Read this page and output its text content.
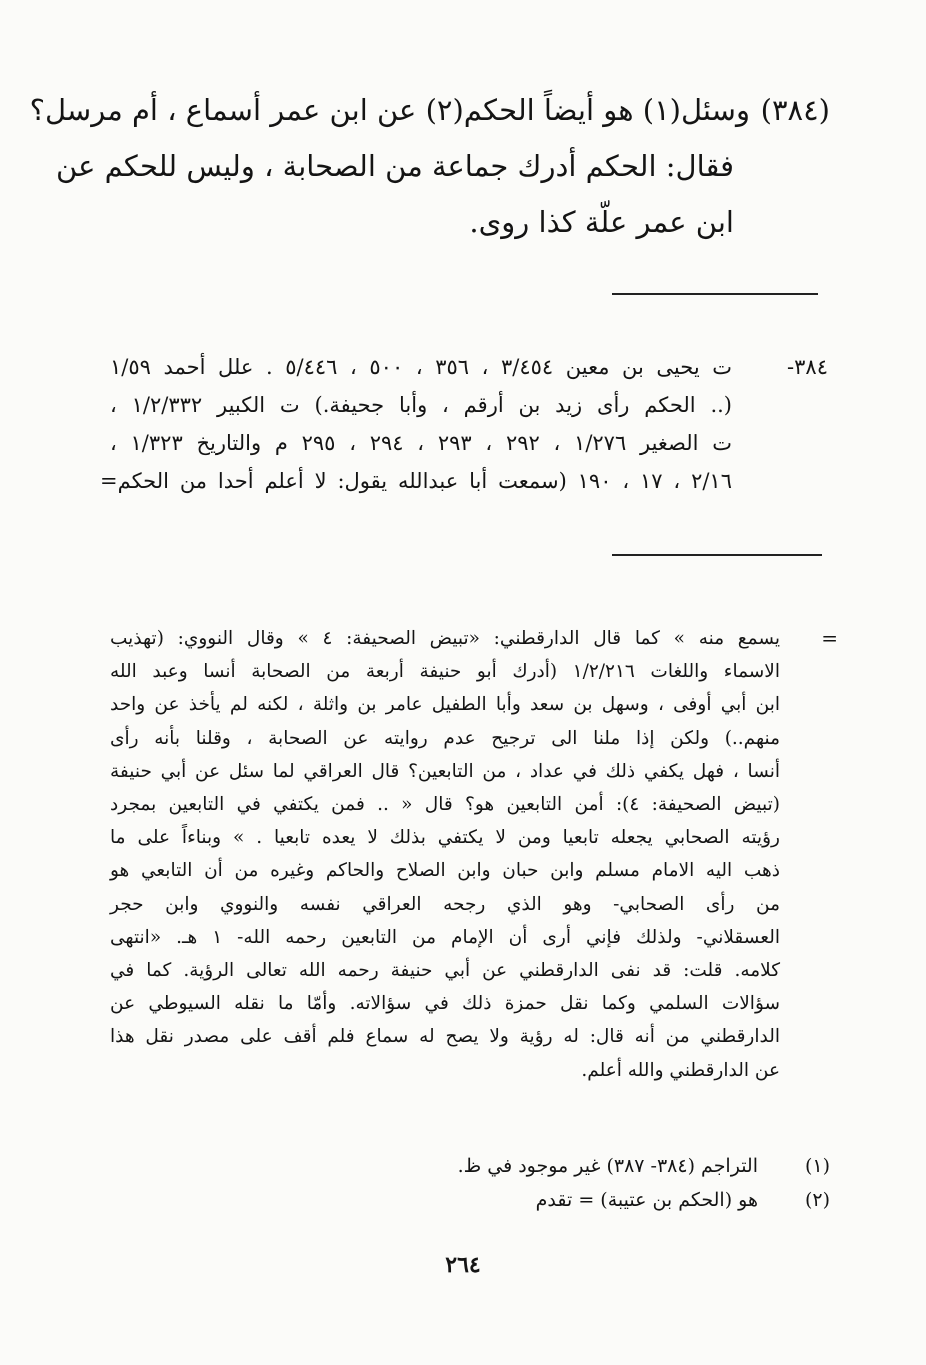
(٣٨٤)
وسئل(١) هو أيضاً الحكم(٢) عن ابن عمر أسماع ، أم مرسل؟
فقال: الحكم أدرك جماعة من الصحابة ، وليس للحكم عن
ابن عمر علّة كذا روى.
٣٨٤-
ت يحيى بن معين ٣/٤٥٤ ، ٣٥٦ ، ٥٠٠ ، ٥/٤٤٦ . علل أحمد ١/٥٩
(.. الحكم رأى زيد بن أرقم ، وأبا جحيفة.) ت الكبير ١/٢/٣٣٢ ،
ت الصغير ١/٢٧٦ ، ٢٩٢ ، ٢٩٣ ، ٢٩٤ ، ٢٩٥ م والتاريخ ١/٣٢٣ ،
٢/١٦ ، ١٧ ، ١٩٠ (سمعت أبا عبدالله يقول: لا أعلم أحدا من الحكم=
=
يسمع منه » كما قال الدارقطني: «تبيض الصحيفة: ٤ » وقال النووي: (تهذيب
الاسماء واللغات ١/٢/٢١٦ (أدرك أبو حنيفة أربعة من الصحابة أنسا وعبد الله
ابن أبي أوفى ، وسهل بن سعد وأبا الطفيل عامر بن واثلة ، لكنه لم يأخذ عن واحد
منهم..) ولكن إذا ملنا الى ترجيح عدم روايته عن الصحابة ، وقلنا بأنه رأى
أنسا ، فهل يكفي ذلك في عداد ، من التابعين؟ قال العراقي لما سئل عن أبي حنيفة
(تبيض الصحيفة: ٤): أمن التابعين هو؟ قال « .. فمن يكتفي في التابعين بمجرد
رؤيته الصحابي يجعله تابعيا ومن لا يكتفي بذلك لا يعده تابعيا . » وبناءاً على ما
ذهب اليه الامام مسلم وابن حبان وابن الصلاح والحاكم وغيره من أن التابعي هو
من رأى الصحابي- وهو الذي رجحه العراقي نفسه والنووي وابن حجر
العسقلاني- ولذلك فإني أرى أن الإمام من التابعين رحمه الله- ١ هـ. «انتهى
كلامه. قلت: قد نفى الدارقطني عن أبي حنيفة رحمه الله تعالى الرؤية. كما في
سؤالات السلمي وكما نقل حمزة ذلك في سؤالاته. وأمّا ما نقله السيوطي عن
الدارقطني من أنه قال: له رؤية ولا يصح له سماع فلم أقف على مصدر نقل هذا
عن الدارقطني والله أعلم.
(١)
التراجم (٣٨٤- ٣٨٧) غير موجود في ظ.
(٢)
هو (الحكم بن عتيبة) = تقدم
٢٦٤
